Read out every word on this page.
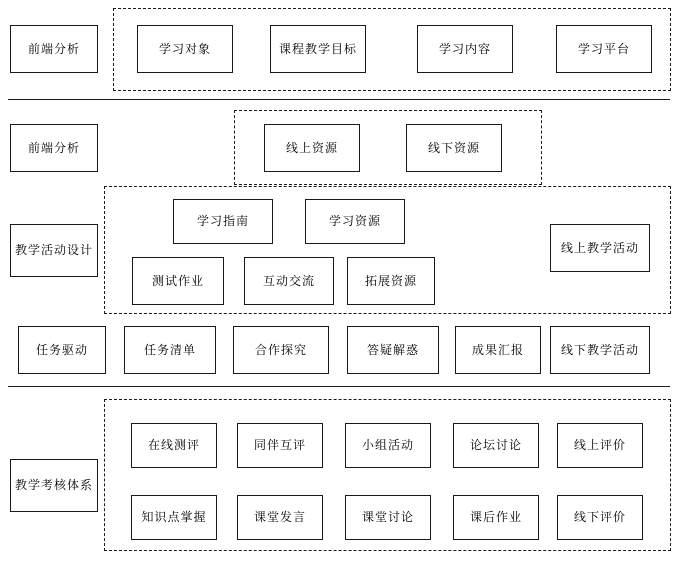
前端分析	学习对象	课程教学目标	学习内容	学习平台
前端分析	线上资源	线下资源
教学活动设计
学习指南	学习资源
测试作业	互动交流	拓展资源
线上教学活动
任务驱动	任务清单	合作探究	答疑解惑	成果汇报	线下教学活动
教学考核体系
在线测评	同伴互评	小组活动	论坛讨论	线上评价
知识点掌握	课堂发言	课堂讨论	课后作业	线下评价
